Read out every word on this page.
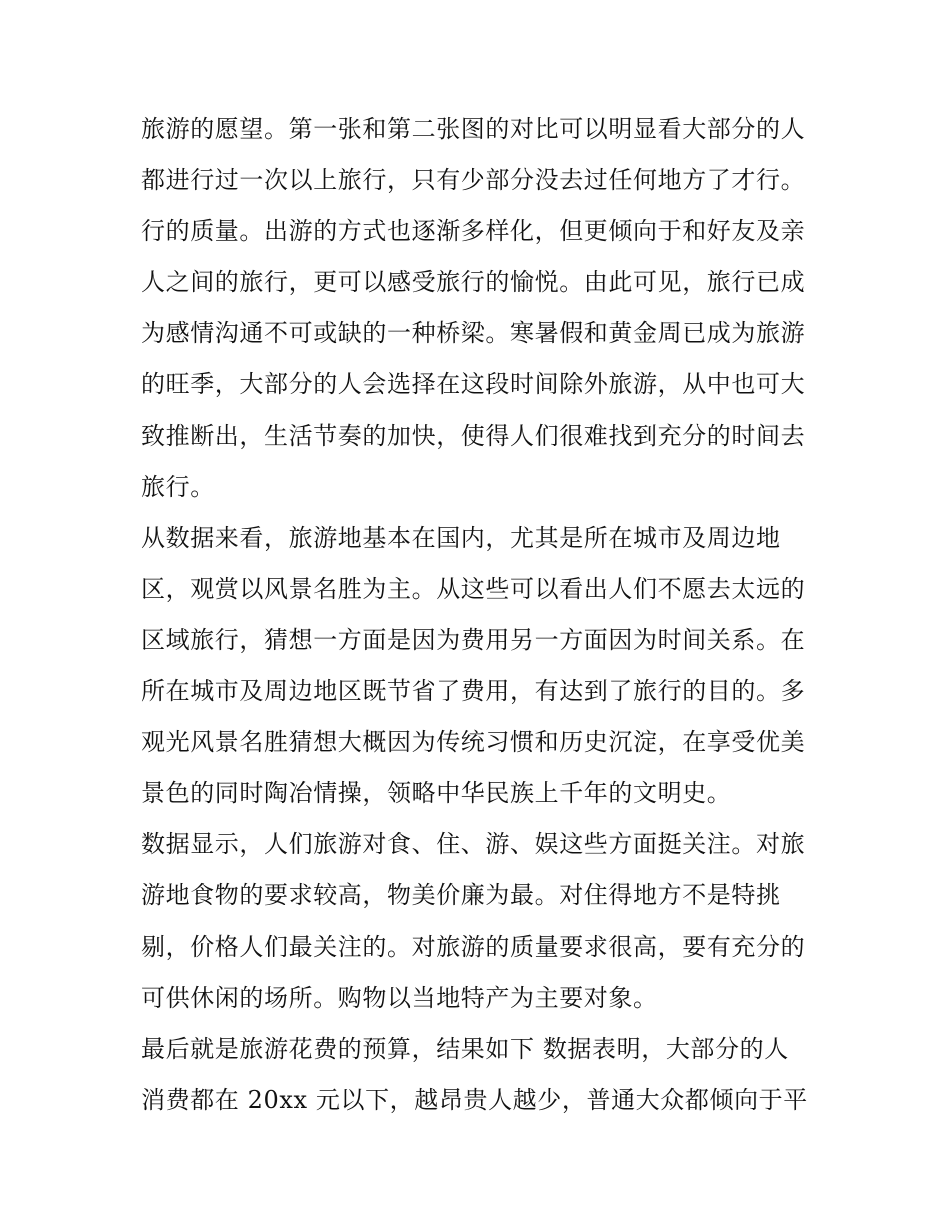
旅游的愿望。第一张和第二张图的对比可以明显看大部分的人
都进行过一次以上旅行，只有少部分没去过任何地方了才行。
行的质量。出游的方式也逐渐多样化，但更倾向于和好友及亲
人之间的旅行，更可以感受旅行的愉悦。由此可见，旅行已成
为感情沟通不可或缺的一种桥梁。寒暑假和黄金周已成为旅游
的旺季，大部分的人会选择在这段时间除外旅游，从中也可大
致推断出，生活节奏的加快，使得人们很难找到充分的时间去
旅行。
从数据来看，旅游地基本在国内，尤其是所在城市及周边地
区，观赏以风景名胜为主。从这些可以看出人们不愿去太远的
区域旅行，猜想一方面是因为费用另一方面因为时间关系。在
所在城市及周边地区既节省了费用，有达到了旅行的目的。多
观光风景名胜猜想大概因为传统习惯和历史沉淀，在享受优美
景色的同时陶冶情操，领略中华民族上千年的文明史。
数据显示，人们旅游对食、住、游、娱这些方面挺关注。对旅
游地食物的要求较高，物美价廉为最。对住得地方不是特挑
剔，价格人们最关注的。对旅游的质量要求很高，要有充分的
可供休闲的场所。购物以当地特产为主要对象。
最后就是旅游花费的预算，结果如下 数据表明，大部分的人
消费都在 20xx 元以下，越昂贵人越少，普通大众都倾向于平
